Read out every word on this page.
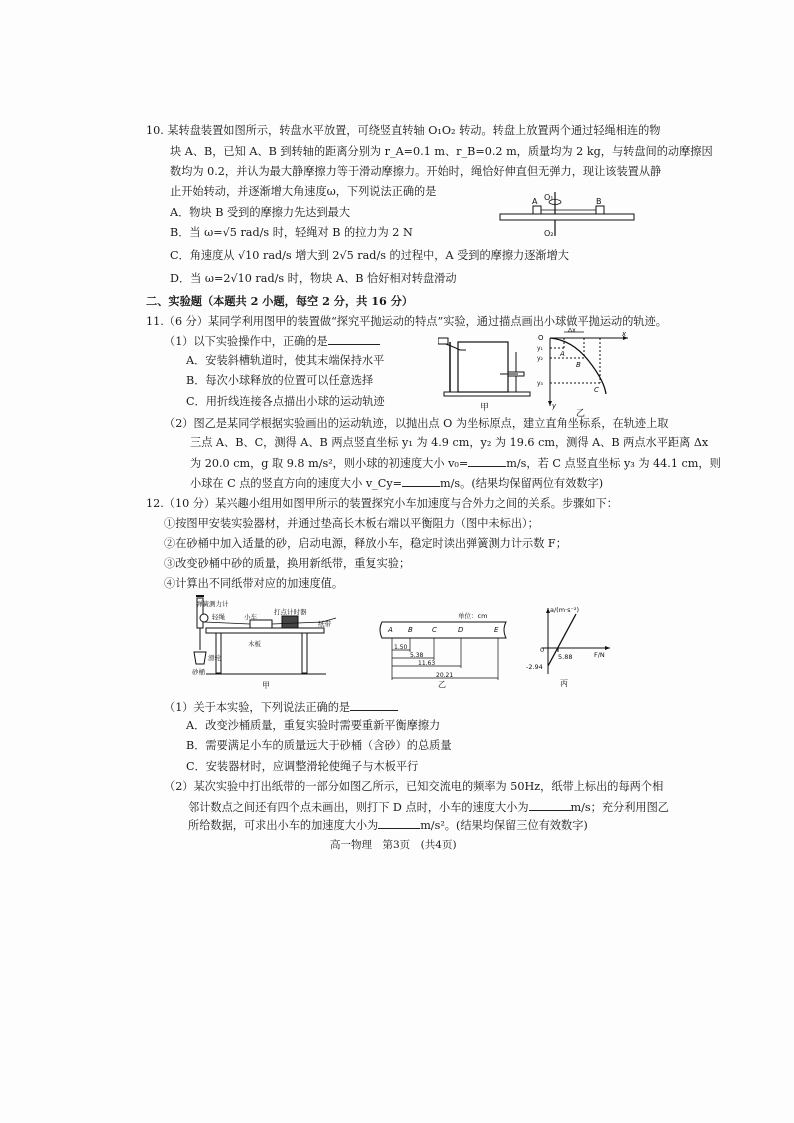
10. 某转盘装置如图所示，转盘水平放置，可绕竖直转轴 O₁O₂ 转动。转盘上放置两个通过轻绳相连的物
块 A、B，已知 A、B 到转轴的距离分别为 r_A=0.1 m、r_B=0.2 m，质量均为 2 kg，与转盘间的动摩擦因
数均为 0.2，并认为最大静摩擦力等于滑动摩擦力。开始时，绳恰好伸直但无弹力，现让该装置从静
止开始转动，并逐渐增大角速度ω，下列说法正确的是
A．物块 B 受到的摩擦力先达到最大
B．当 ω=√5 rad/s 时，轻绳对 B 的拉力为 2 N
C．角速度从 √10 rad/s 增大到 2√5 rad/s 的过程中，A 受到的摩擦力逐渐增大
D．当 ω=2√10 rad/s 时，物块 A、B 恰好相对转盘滑动
A	B
O₁
O₂
二、实验题（本题共 2 小题，每空 2 分，共 16 分）
11.（6 分）某同学利用图甲的装置做“探究平抛运动的特点”实验，通过描点画出小球做平抛运动的轨迹。
（1）以下实验操作中，正确的是
A．安装斜槽轨道时，使其末端保持水平
B．每次小球释放的位置可以任意选择
C．用折线连接各点描出小球的运动轨迹
（2）图乙是某同学根据实验画出的运动轨迹，以抛出点 O 为坐标原点，建立直角坐标系，在轨迹上取
三点 A、B、C，测得 A、B 两点竖直坐标 y₁ 为 4.9 cm，y₂ 为 19.6 cm，测得 A、B 两点水平距离 Δx
为 20.0 cm，g 取 9.8 m/s²，则小球的初速度大小 v₀=	m/s，若 C 点竖直坐标 y₃ 为 44.1 cm，则
小球在 C 点的竖直方向的速度大小 v_Cy=	m/s。(结果均保留两位有效数字)
甲
O	x
y
y₁
y₂
y₃
Δx
A
B
C
乙
12.（10 分）某兴趣小组用如图甲所示的装置探究小车加速度与合外力之间的关系。步骤如下：
①按图甲安装实验器材，并通过垫高长木板右端以平衡阻力（图中未标出）；
②在砂桶中加入适量的砂，启动电源，释放小车，稳定时读出弹簧测力计示数 F；
③改变砂桶中砂的质量，换用新纸带，重复实验；
④计算出不同纸带对应的加速度值。
弹簧测力计
轻绳	小车
打点计时器
纸带
木板
滑轮
砂桶
甲
单位：cm
A B	C	D	E
1.50
5.38
11.63
20.21
乙
a/(m·s⁻²)
F/N
0
5.88
-2.94
丙
（1）关于本实验，下列说法正确的是
A．改变沙桶质量，重复实验时需要重新平衡摩擦力
B．需要满足小车的质量远大于砂桶（含砂）的总质量
C．安装器材时，应调整滑轮使绳子与木板平行
（2）某次实验中打出纸带的一部分如图乙所示，已知交流电的频率为 50Hz，纸带上标出的每两个相
邻计数点之间还有四个点未画出，则打下 D 点时，小车的速度大小为	m/s；充分利用图乙
所给数据，可求出小车的加速度大小为	m/s²。(结果均保留三位有效数字)
高一物理　第3页　(共4页)
